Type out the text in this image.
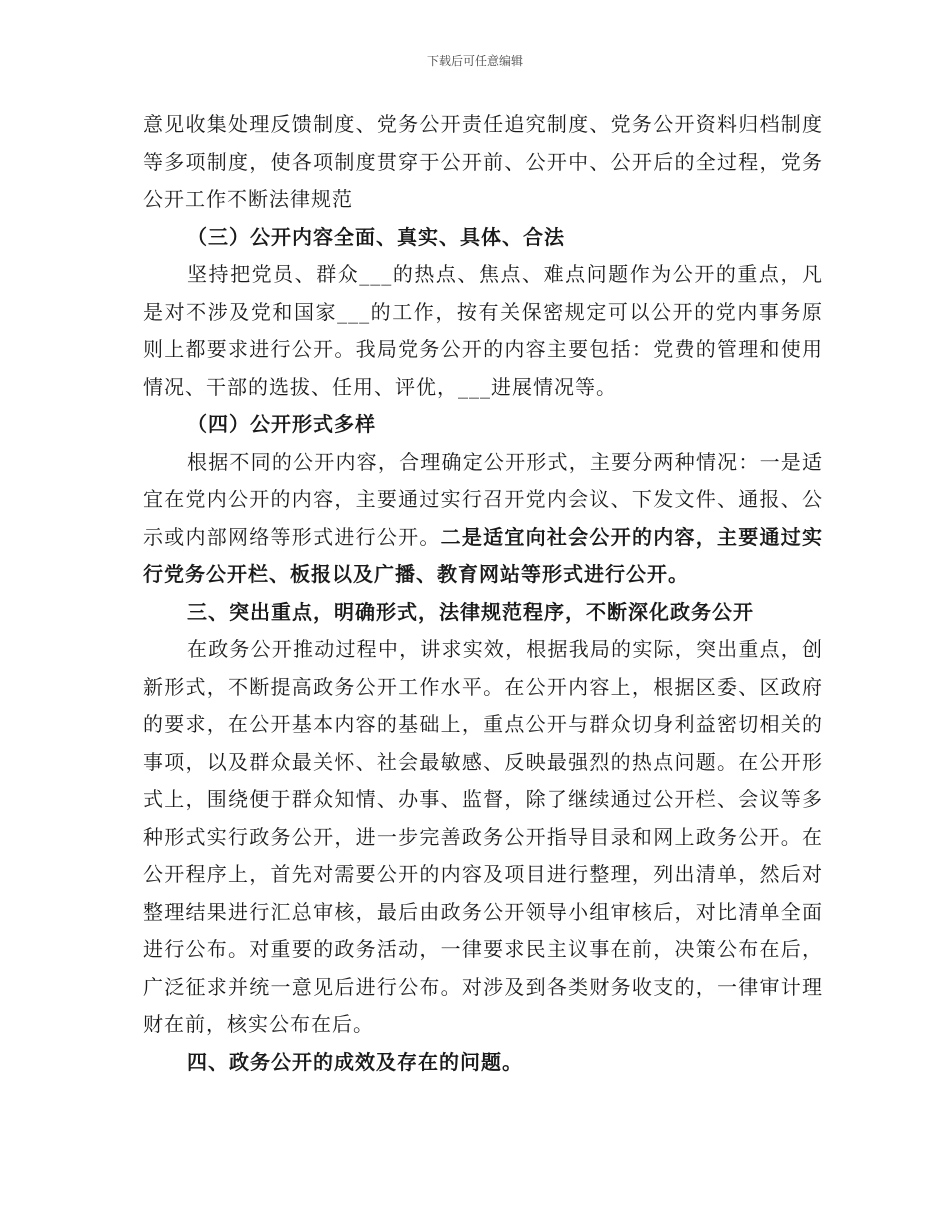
下载后可任意编辑

意见收集处理反馈制度、党务公开责任追究制度、党务公开资料归档制度等多项制度，使各项制度贯穿于公开前、公开中、公开后的全过程，党务公开工作不断法律规范

（三）公开内容全面、真实、具体、合法

坚持把党员、群众___的热点、焦点、难点问题作为公开的重点，凡是对不涉及党和国家___的工作，按有关保密规定可以公开的党内事务原则上都要求进行公开。我局党务公开的内容主要包括：党费的管理和使用情况、干部的选拔、任用、评优，___进展情况等。

（四）公开形式多样

根据不同的公开内容，合理确定公开形式，主要分两种情况：一是适宜在党内公开的内容，主要通过实行召开党内会议、下发文件、通报、公示或内部网络等形式进行公开。二是适宜向社会公开的内容，主要通过实行党务公开栏、板报以及广播、教育网站等形式进行公开。

三、突出重点，明确形式，法律规范程序，不断深化政务公开

在政务公开推动过程中，讲求实效，根据我局的实际，突出重点，创新形式，不断提高政务公开工作水平。在公开内容上，根据区委、区政府的要求，在公开基本内容的基础上，重点公开与群众切身利益密切相关的事项，以及群众最关怀、社会最敏感、反映最强烈的热点问题。在公开形式上，围绕便于群众知情、办事、监督，除了继续通过公开栏、会议等多种形式实行政务公开，进一步完善政务公开指导目录和网上政务公开。在公开程序上，首先对需要公开的内容及项目进行整理，列出清单，然后对整理结果进行汇总审核，最后由政务公开领导小组审核后，对比清单全面进行公布。对重要的政务活动，一律要求民主议事在前，决策公布在后，广泛征求并统一意见后进行公布。对涉及到各类财务收支的，一律审计理财在前，核实公布在后。

四、政务公开的成效及存在的问题。
